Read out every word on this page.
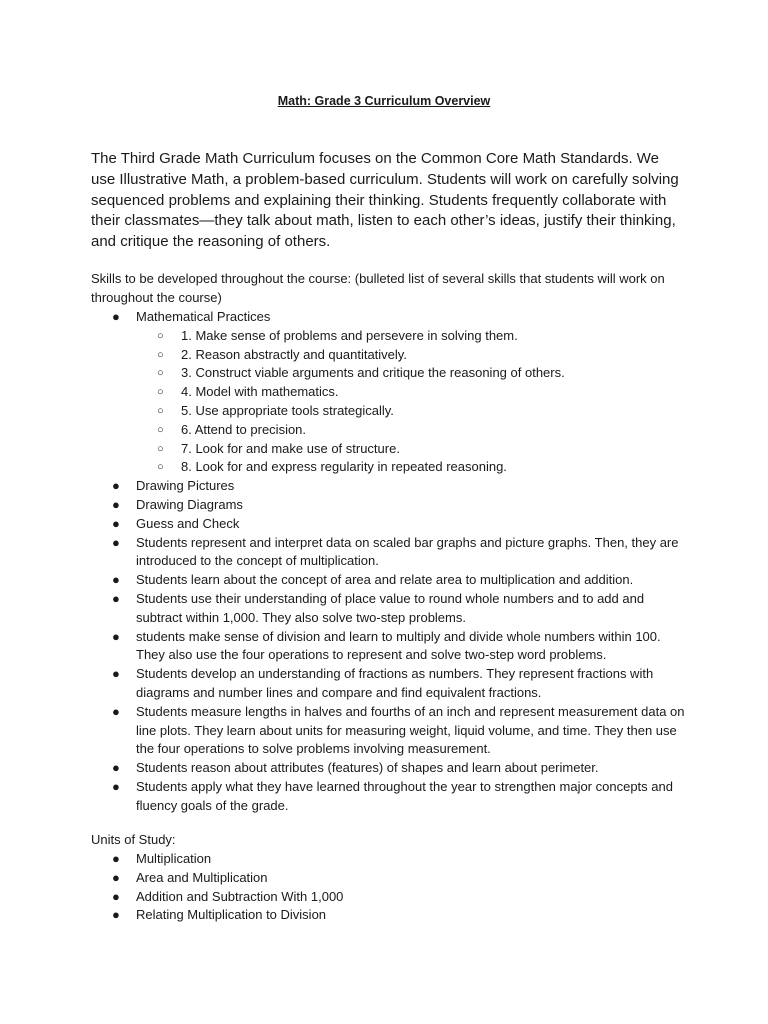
Math: Grade 3 Curriculum Overview

The Third Grade Math Curriculum focuses on the Common Core Math Standards. We use Illustrative Math, a problem-based curriculum. Students will work on carefully solving sequenced problems and explaining their thinking. Students frequently collaborate with their classmates—they talk about math, listen to each other’s ideas, justify their thinking, and critique the reasoning of others.

Skills to be developed throughout the course: (bulleted list of several skills that students will work on throughout the course)

● Mathematical Practices
○ 1. Make sense of problems and persevere in solving them.
○ 2. Reason abstractly and quantitatively.
○ 3. Construct viable arguments and critique the reasoning of others.
○ 4. Model with mathematics.
○ 5. Use appropriate tools strategically.
○ 6. Attend to precision.
○ 7. Look for and make use of structure.
○ 8. Look for and express regularity in repeated reasoning.
● Drawing Pictures
● Drawing Diagrams
● Guess and Check
● Students represent and interpret data on scaled bar graphs and picture graphs. Then, they are introduced to the concept of multiplication.
● Students learn about the concept of area and relate area to multiplication and addition.
● Students use their understanding of place value to round whole numbers and to add and subtract within 1,000. They also solve two-step problems.
● students make sense of division and learn to multiply and divide whole numbers within 100. They also use the four operations to represent and solve two-step word problems.
● Students develop an understanding of fractions as numbers. They represent fractions with diagrams and number lines and compare and find equivalent fractions.
● Students measure lengths in halves and fourths of an inch and represent measurement data on line plots. They learn about units for measuring weight, liquid volume, and time. They then use the four operations to solve problems involving measurement.
● Students reason about attributes (features) of shapes and learn about perimeter.
● Students apply what they have learned throughout the year to strengthen major concepts and fluency goals of the grade.

Units of Study:

● Multiplication
● Area and Multiplication
● Addition and Subtraction With 1,000
● Relating Multiplication to Division
